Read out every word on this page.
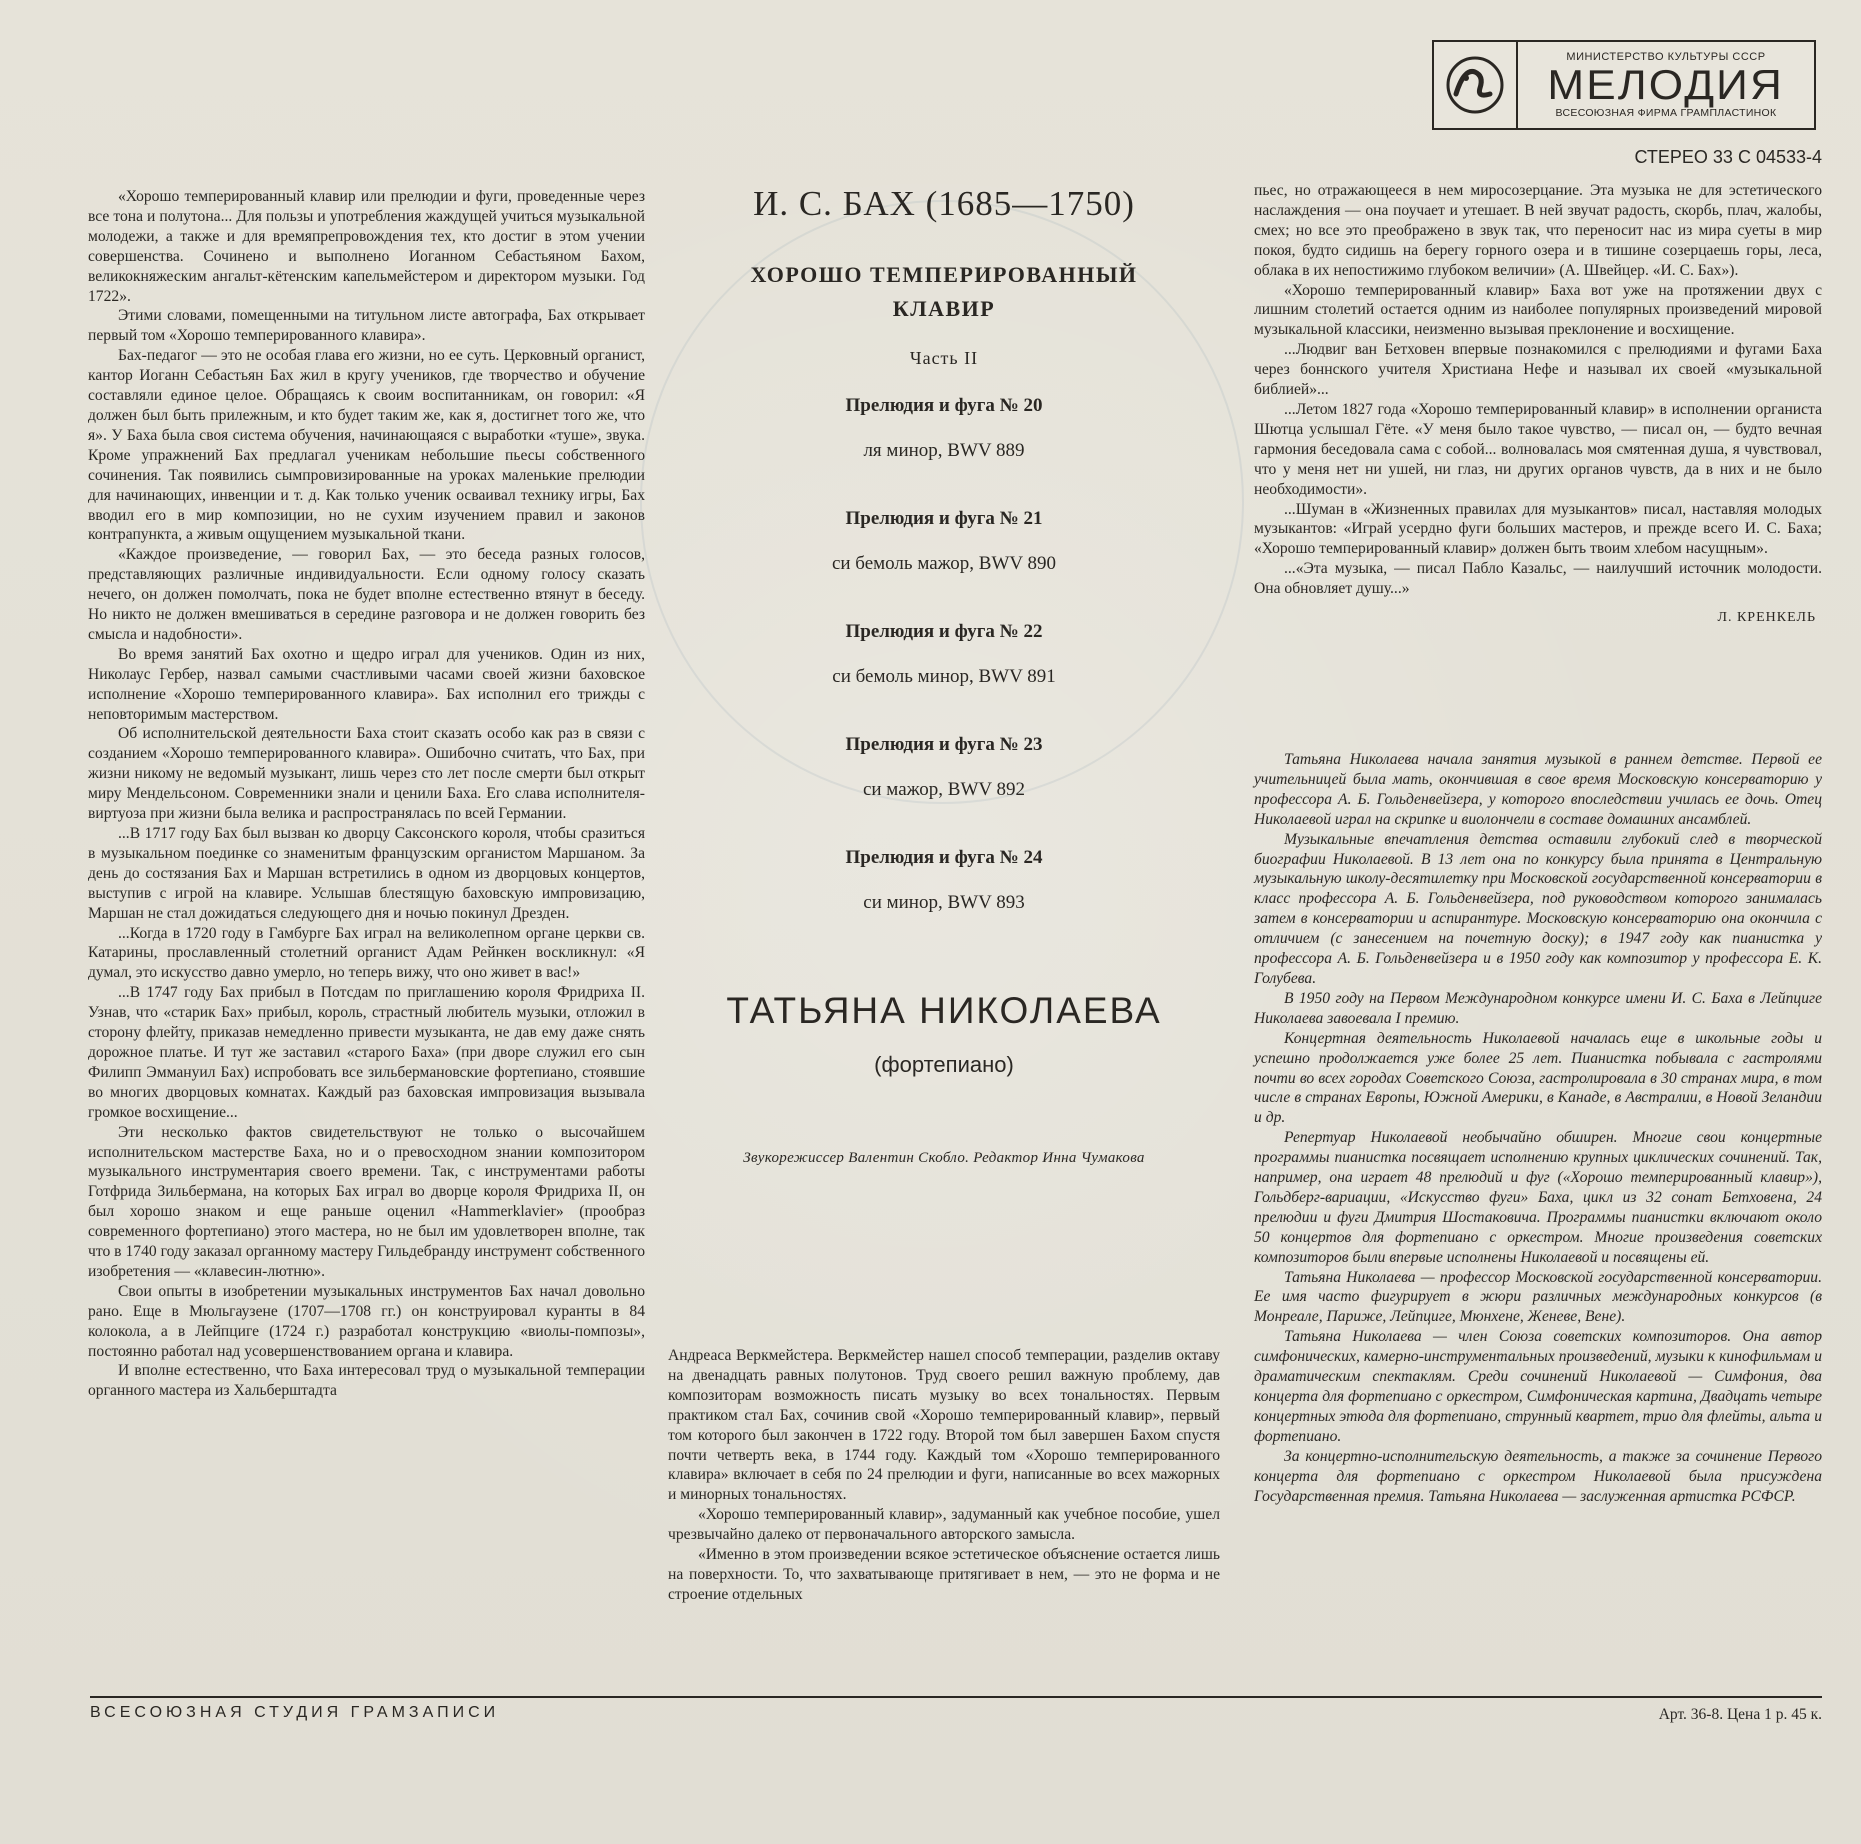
МИНИСТЕРСТВО КУЛЬТУРЫ СССР
МЕЛОДИЯ
ВСЕСОЮЗНАЯ ФИРМА ГРАМПЛАСТИНОК
СТЕРЕО 33 С 04533-4

«Хорошо темперированный клавир или прелюдии и фуги, проведенные через все тона и полутона... Для пользы и употребления жаждущей учиться музыкальной молодежи, а также и для времяпрепровождения тех, кто достиг в этом учении совершенства. Сочинено и выполнено Иоганном Себастьяном Бахом, великокняжеским ангальт-кётенским капельмейстером и директором музыки. Год 1722».

Этими словами, помещенными на титульном листе автографа, Бах открывает первый том «Хорошо темперированного клавира».

Бах-педагог — это не особая глава его жизни, но ее суть. Церковный органист, кантор Иоганн Себастьян Бах жил в кругу учеников, где творчество и обучение составляли единое целое. Обращаясь к своим воспитанникам, он говорил: «Я должен был быть прилежным, и кто будет таким же, как я, достигнет того же, что я». У Баха была своя система обучения, начинающаяся с выработки «туше», звука. Кроме упражнений Бах предлагал ученикам небольшие пьесы собственного сочинения. Так появились сымпровизированные на уроках маленькие прелюдии для начинающих, инвенции и т. д. Как только ученик осваивал технику игры, Бах вводил его в мир композиции, но не сухим изучением правил и законов контрапункта, а живым ощущением музыкальной ткани.

«Каждое произведение, — говорил Бах, — это беседа разных голосов, представляющих различные индивидуальности. Если одному голосу сказать нечего, он должен помолчать, пока не будет вполне естественно втянут в беседу. Но никто не должен вмешиваться в середине разговора и не должен говорить без смысла и надобности».

Во время занятий Бах охотно и щедро играл для учеников. Один из них, Николаус Гербер, назвал самыми счастливыми часами своей жизни баховское исполнение «Хорошо темперированного клавира». Бах исполнил его трижды с неповторимым мастерством.

Об исполнительской деятельности Баха стоит сказать особо как раз в связи с созданием «Хорошо темперированного клавира». Ошибочно считать, что Бах, при жизни никому не ведомый музыкант, лишь через сто лет после смерти был открыт миру Мендельсоном. Современники знали и ценили Баха. Его слава исполнителя-виртуоза при жизни была велика и распространялась по всей Германии.

...В 1717 году Бах был вызван ко дворцу Саксонского короля, чтобы сразиться в музыкальном поединке со знаменитым французским органистом Маршаном. За день до состязания Бах и Маршан встретились в одном из дворцовых концертов, выступив с игрой на клавире. Услышав блестящую баховскую импровизацию, Маршан не стал дожидаться следующего дня и ночью покинул Дрезден.

...Когда в 1720 году в Гамбурге Бах играл на великолепном органе церкви св. Катарины, прославленный столетний органист Адам Рейнкен воскликнул: «Я думал, это искусство давно умерло, но теперь вижу, что оно живет в вас!»

...В 1747 году Бах прибыл в Потсдам по приглашению короля Фридриха II. Узнав, что «старик Бах» прибыл, король, страстный любитель музыки, отложил в сторону флейту, приказав немедленно привести музыканта, не дав ему даже снять дорожное платье. И тут же заставил «старого Баха» (при дворе служил его сын Филипп Эммануил Бах) испробовать все зильбермановские фортепиано, стоявшие во многих дворцовых комнатах. Каждый раз баховская импровизация вызывала громкое восхищение...

Эти несколько фактов свидетельствуют не только о высочайшем исполнительском мастерстве Баха, но и о превосходном знании композитором музыкального инструментария своего времени. Так, с инструментами работы Готфрида Зильбермана, на которых Бах играл во дворце короля Фридриха II, он был хорошо знаком и еще раньше оценил «Hammerklavier» (прообраз современного фортепиано) этого мастера, но не был им удовлетворен вполне, так что в 1740 году заказал органному мастеру Гильдебранду инструмент собственного изобретения — «клавесин-лютню».

Свои опыты в изобретении музыкальных инструментов Бах начал довольно рано. Еще в Мюльгаузене (1707—1708 гг.) он конструировал куранты в 84 колокола, а в Лейпциге (1724 г.) разработал конструкцию «виолы-помпозы», постоянно работал над усовершенствованием органа и клавира.

И вполне естественно, что Баха интересовал труд о музыкальной темперации органного мастера из Хальберштадта

И. С. БАХ (1685—1750)
ХОРОШО ТЕМПЕРИРОВАННЫЙ
КЛАВИР
Часть II
Прелюдия и фуга № 20
ля минор, BWV 889
Прелюдия и фуга № 21
си бемоль мажор, BWV 890
Прелюдия и фуга № 22
си бемоль минор, BWV 891
Прелюдия и фуга № 23
си мажор, BWV 892
Прелюдия и фуга № 24
си минор, BWV 893
ТАТЬЯНА НИКОЛАЕВА
(фортепиано)
Звукорежиссер Валентин Скобло. Редактор Инна Чумакова

Андреаса Веркмейстера. Веркмейстер нашел способ темперации, разделив октаву на двенадцать равных полутонов. Труд своего решил важную проблему, дав композиторам возможность писать музыку во всех тональностях. Первым практиком стал Бах, сочинив свой «Хорошо темперированный клавир», первый том которого был закончен в 1722 году. Второй том был завершен Бахом спустя почти четверть века, в 1744 году. Каждый том «Хорошо темперированного клавира» включает в себя по 24 прелюдии и фуги, написанные во всех мажорных и минорных тональностях.

«Хорошо темперированный клавир», задуманный как учебное пособие, ушел чрезвычайно далеко от первоначального авторского замысла.

«Именно в этом произведении всякое эстетическое объяснение остается лишь на поверхности. То, что захватывающе притягивает в нем, — это не форма и не строение отдельных

пьес, но отражающееся в нем миросозерцание. Эта музыка не для эстетического наслаждения — она поучает и утешает. В ней звучат радость, скорбь, плач, жалобы, смех; но все это преображено в звук так, что переносит нас из мира суеты в мир покоя, будто сидишь на берегу горного озера и в тишине созерцаешь горы, леса, облака в их непостижимо глубоком величии» (А. Швейцер. «И. С. Бах»).

«Хорошо темперированный клавир» Баха вот уже на протяжении двух с лишним столетий остается одним из наиболее популярных произведений мировой музыкальной классики, неизменно вызывая преклонение и восхищение.

...Людвиг ван Бетховен впервые познакомился с прелюдиями и фугами Баха через боннского учителя Христиана Нефе и называл их своей «музыкальной библией»...

...Летом 1827 года «Хорошо темперированный клавир» в исполнении органиста Шютца услышал Гёте. «У меня было такое чувство, — писал он, — будто вечная гармония беседовала сама с собой... волновалась моя смятенная душа, я чувствовал, что у меня нет ни ушей, ни глаз, ни других органов чувств, да в них и не было необходимости».

...Шуман в «Жизненных правилах для музыкантов» писал, наставляя молодых музыкантов: «Играй усердно фуги больших мастеров, и прежде всего И. С. Баха; «Хорошо темперированный клавир» должен быть твоим хлебом насущным».

...«Эта музыка, — писал Пабло Казальс, — наилучший источник молодости. Она обновляет душу...»

Л. КРЕНКЕЛЬ

Татьяна Николаева начала занятия музыкой в раннем детстве. Первой ее учительницей была мать, окончившая в свое время Московскую консерваторию у профессора А. Б. Гольденвейзера, у которого впоследствии училась ее дочь. Отец Николаевой играл на скрипке и виолончели в составе домашних ансамблей.

Музыкальные впечатления детства оставили глубокий след в творческой биографии Николаевой. В 13 лет она по конкурсу была принята в Центральную музыкальную школу-десятилетку при Московской государственной консерватории в класс профессора А. Б. Гольденвейзера, под руководством которого занималась затем в консерватории и аспирантуре. Московскую консерваторию она окончила с отличием (с занесением на почетную доску); в 1947 году как пианистка у профессора А. Б. Гольденвейзера и в 1950 году как композитор у профессора Е. К. Голубева.

В 1950 году на Первом Международном конкурсе имени И. С. Баха в Лейпциге Николаева завоевала I премию.

Концертная деятельность Николаевой началась еще в школьные годы и успешно продолжается уже более 25 лет. Пианистка побывала с гастролями почти во всех городах Советского Союза, гастролировала в 30 странах мира, в том числе в странах Европы, Южной Америки, в Канаде, в Австралии, в Новой Зеландии и др.

Репертуар Николаевой необычайно обширен. Многие свои концертные программы пианистка посвящает исполнению крупных циклических сочинений. Так, например, она играет 48 прелюдий и фуг («Хорошо темперированный клавир»), Гольдберг-вариации, «Искусство фуги» Баха, цикл из 32 сонат Бетховена, 24 прелюдии и фуги Дмитрия Шостаковича. Программы пианистки включают около 50 концертов для фортепиано с оркестром. Многие произведения советских композиторов были впервые исполнены Николаевой и посвящены ей.

Татьяна Николаева — профессор Московской государственной консерватории. Ее имя часто фигурирует в жюри различных международных конкурсов (в Монреале, Париже, Лейпциге, Мюнхене, Женеве, Вене).

Татьяна Николаева — член Союза советских композиторов. Она автор симфонических, камерно-инструментальных произведений, музыки к кинофильмам и драматическим спектаклям. Среди сочинений Николаевой — Симфония, два концерта для фортепиано с оркестром, Симфоническая картина, Двадцать четыре концертных этюда для фортепиано, струнный квартет, трио для флейты, альта и фортепиано.

За концертно-исполнительскую деятельность, а также за сочинение Первого концерта для фортепиано с оркестром Николаевой была присуждена Государственная премия. Татьяна Николаева — заслуженная артистка РСФСР.

ВСЕСОЮЗНАЯ СТУДИЯ ГРАМЗАПИСИ	Арт. 36-8. Цена 1 р. 45 к.
